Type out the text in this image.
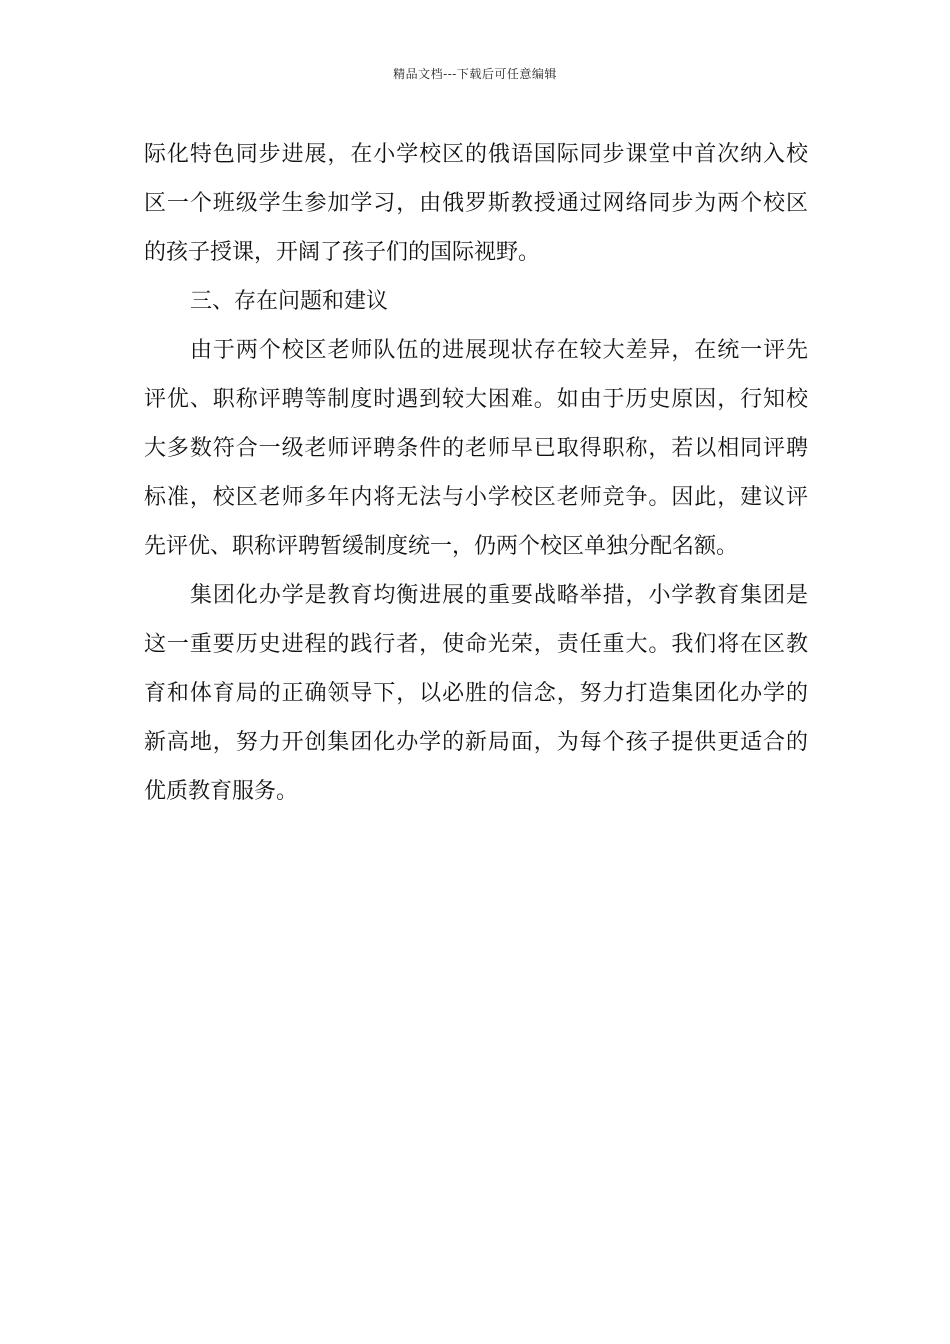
精品文档---下载后可任意编辑
际化特色同步进展，在小学校区的俄语国际同步课堂中首次纳入校
区一个班级学生参加学习，由俄罗斯教授通过网络同步为两个校区
的孩子授课，开阔了孩子们的国际视野。
三、存在问题和建议
由于两个校区老师队伍的进展现状存在较大差异，在统一评先
评优、职称评聘等制度时遇到较大困难。如由于历史原因，行知校
大多数符合一级老师评聘条件的老师早已取得职称，若以相同评聘
标准，校区老师多年内将无法与小学校区老师竞争。因此，建议评
先评优、职称评聘暂缓制度统一，仍两个校区单独分配名额。
集团化办学是教育均衡进展的重要战略举措，小学教育集团是
这一重要历史进程的践行者，使命光荣，责任重大。我们将在区教
育和体育局的正确领导下，以必胜的信念，努力打造集团化办学的
新高地，努力开创集团化办学的新局面，为每个孩子提供更适合的
优质教育服务。
